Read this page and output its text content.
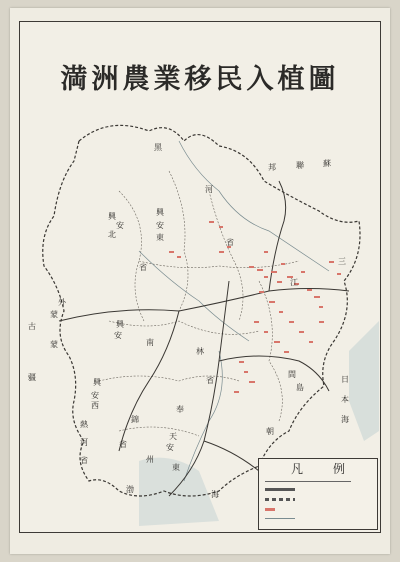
満洲農業移民入植圖
蘇
聯
邦
黑
河
興
安
北
興
安
東
三
江
外
蒙
古
蒙
疆
興
安
南
興
安
西
熱
河
省
錦
州
林
奉
天
安
東
間
島
朝
日
本
海
渤
海
省
省
省
省
凡例
